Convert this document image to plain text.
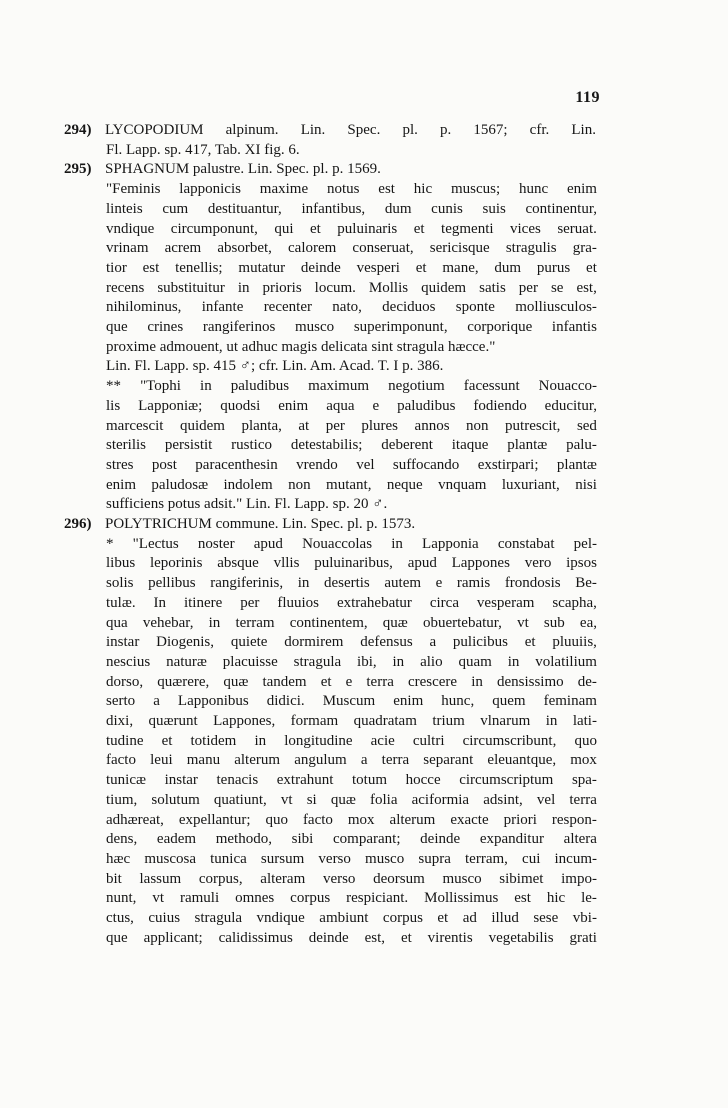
119
294) LYCOPODIUM alpinum. Lin. Spec. pl. p. 1567; cfr. Lin.
Fl. Lapp. sp. 417, Tab. XI fig. 6.
295) SPHAGNUM palustre. Lin. Spec. pl. p. 1569.
"Feminis lapponicis maxime notus est hic muscus; hunc enim
linteis cum destituantur, infantibus, dum cunis suis continentur,
vndique circumponunt, qui et puluinaris et tegmenti vices seruat.
vrinam acrem absorbet, calorem conseruat, sericisque stragulis gra-
tior est tenellis; mutatur deinde vesperi et mane, dum purus et
recens substituitur in prioris locum. Mollis quidem satis per se est,
nihilominus, infante recenter nato, deciduos sponte molliusculos-
que crines rangiferinos musco superimponunt, corporique infantis
proxime admouent, ut adhuc magis delicata sint stragula hæcce."
Lin. Fl. Lapp. sp. 415 ♂; cfr. Lin. Am. Acad. T. I p. 386.
** "Tophi in paludibus maximum negotium facessunt Nouacco-
lis Lapponiæ; quodsi enim aqua e paludibus fodiendo educitur,
marcescit quidem planta, at per plures annos non putrescit, sed
sterilis persistit rustico detestabilis; deberent itaque plantæ palu-
stres post paracenthesin vrendo vel suffocando exstirpari; plantæ
enim paludosæ indolem non mutant, neque vnquam luxuriant, nisi
sufficiens potus adsit." Lin. Fl. Lapp. sp. 20 ♂.
296) POLYTRICHUM commune. Lin. Spec. pl. p. 1573.
* "Lectus noster apud Nouaccolas in Lapponia constabat pel-
libus leporinis absque vllis puluinaribus, apud Lappones vero ipsos
solis pellibus rangiferinis, in desertis autem e ramis frondosis Be-
tulæ. In itinere per fluuios extrahebatur circa vesperam scapha,
qua vehebar, in terram continentem, quæ obuertebatur, vt sub ea,
instar Diogenis, quiete dormirem defensus a pulicibus et pluuiis,
nescius naturæ placuisse stragula ibi, in alio quam in volatilium
dorso, quærere, quæ tandem et e terra crescere in densissimo de-
serto a Lapponibus didici. Muscum enim hunc, quem feminam
dixi, quærunt Lappones, formam quadratam trium vlnarum in lati-
tudine et totidem in longitudine acie cultri circumscribunt, quo
facto leui manu alterum angulum a terra separant eleuantque, mox
tunicæ instar tenacis extrahunt totum hocce circumscriptum spa-
tium, solutum quatiunt, vt si quæ folia aciformia adsint, vel terra
adhæreat, expellantur; quo facto mox alterum exacte priori respon-
dens, eadem methodo, sibi comparant; deinde expanditur altera
hæc muscosa tunica sursum verso musco supra terram, cui incum-
bit lassum corpus, alteram verso deorsum musco sibimet impo-
nunt, vt ramuli omnes corpus respiciant. Mollissimus est hic le-
ctus, cuius stragula vndique ambiunt corpus et ad illud sese vbi-
que applicant; calidissimus deinde est, et virentis vegetabilis grati
